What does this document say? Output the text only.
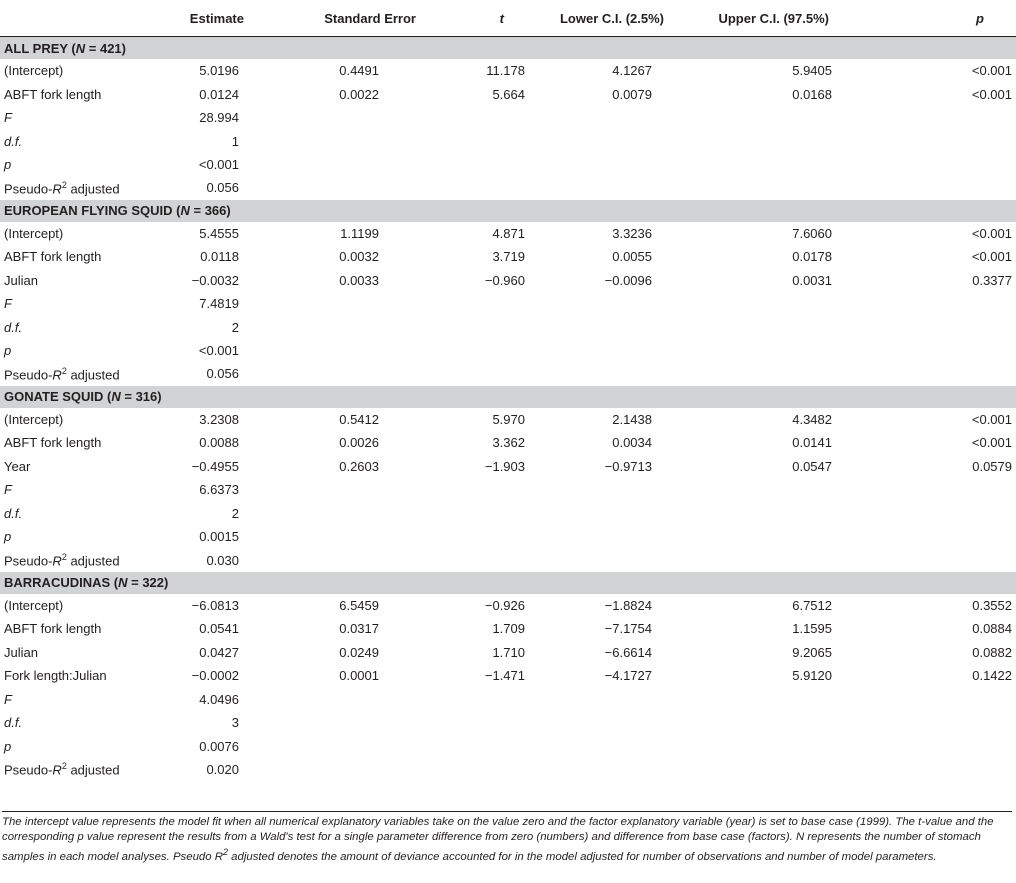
	Estimate	Standard Error	t	Lower C.I. (2.5%)	Upper C.I. (97.5%)	p
ALL PREY (N = 421)						
(Intercept)	5.0196	0.4491	11.178	4.1267	5.9405	<0.001
ABFT fork length	0.0124	0.0022	5.664	0.0079	0.0168	<0.001
F	28.994					
d.f.	1					
p	<0.001					
Pseudo-$R^2$ adjusted	0.056					
EUROPEAN FLYING SQUID (N = 366)						
(Intercept)	5.4555	1.1199	4.871	3.3236	7.6060	<0.001
ABFT fork length	0.0118	0.0032	3.719	0.0055	0.0178	<0.001
Julian	−0.0032	0.0033	−0.960	−0.0096	0.0031	0.3377
F	7.4819					
d.f.	2					
p	<0.001					
Pseudo-$R^2$ adjusted	0.056					
GONATE SQUID (N = 316)						
(Intercept)	3.2308	0.5412	5.970	2.1438	4.3482	<0.001
ABFT fork length	0.0088	0.0026	3.362	0.0034	0.0141	<0.001
Year	−0.4955	0.2603	−1.903	−0.9713	0.0547	0.0579
F	6.6373					
d.f.	2					
p	0.0015					
Pseudo-$R^2$ adjusted	0.030					
BARRACUDINAS (N = 322)						
(Intercept)	−6.0813	6.5459	−0.926	−1.8824	6.7512	0.3552
ABFT fork length	0.0541	0.0317	1.709	−7.1754	1.1595	0.0884
Julian	0.0427	0.0249	1.710	−6.6614	9.2065	0.0882
Fork length:Julian	−0.0002	0.0001	−1.471	−4.1727	5.9120	0.1422
F	4.0496					
d.f.	3					
p	0.0076					
Pseudo-$R^2$ adjusted	0.020					
The intercept value represents the model fit when all numerical explanatory variables take on the value zero and the factor explanatory variable (year) is set to base case (1999). The t-value and the corresponding p value represent the results from a Wald's test for a single parameter difference from zero (numbers) and difference from base case (factors). N represents the number of stomach samples in each model analyses. Pseudo $R^2$ adjusted denotes the amount of deviance accounted for in the model adjusted for number of observations and number of model parameters.
